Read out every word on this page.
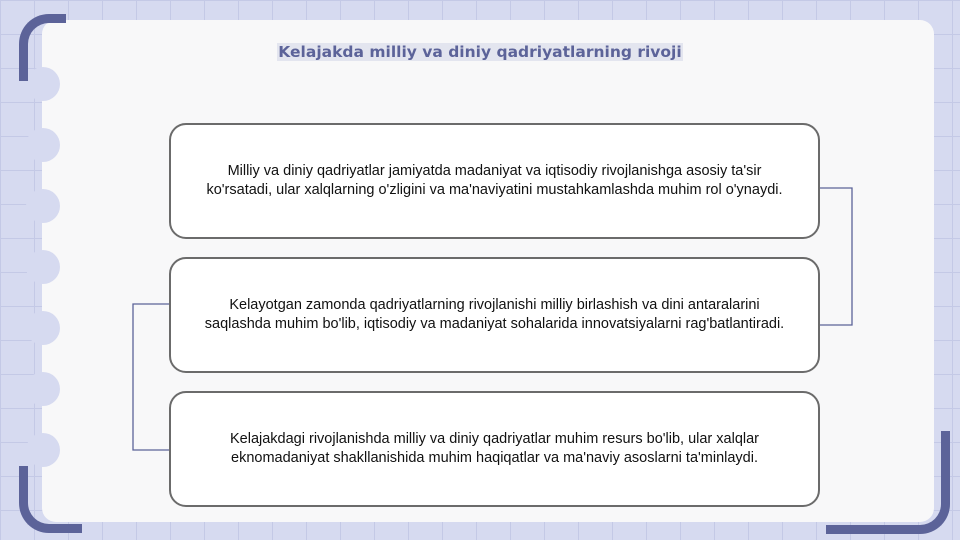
Kelajakda milliy va diniy qadriyatlarning rivoji
Milliy va diniy qadriyatlar jamiyatda madaniyat va iqtisodiy rivojlanishga asosiy ta'sir ko'rsatadi, ular xalqlarning o'zligini va ma'naviyatini mustahkamlashda muhim rol o'ynaydi.
Kelayotgan zamonda qadriyatlarning rivojlanishi milliy birlashish va dini antaralarini saqlashda muhim bo'lib, iqtisodiy va madaniyat sohalarida innovatsiyalarni rag'batlantiradi.
Kelajakdagi rivojlanishda milliy va diniy qadriyatlar muhim resurs bo'lib, ular xalqlar eknomadaniyat shakllanishida muhim haqiqatlar va ma'naviy asoslarni ta'minlaydi.
